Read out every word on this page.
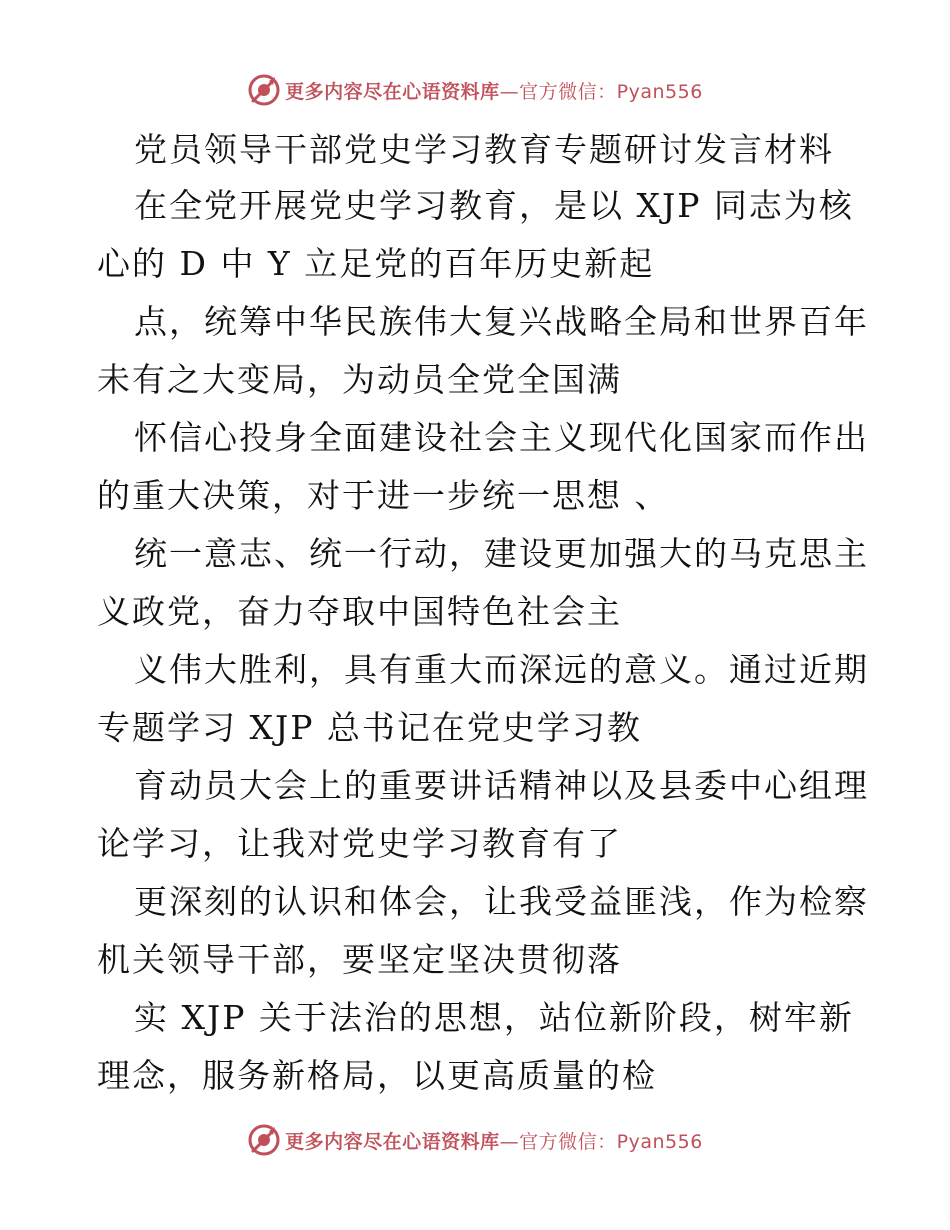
更多内容尽在心语资料库—官方微信：Pyan556
党员领导干部党史学习教育专题研讨发言材料
在全党开展党史学习教育，是以 XJP 同志为核
心的 D 中 Y 立足党的百年历史新起
点，统筹中华民族伟大复兴战略全局和世界百年
未有之大变局，为动员全党全国满
怀信心投身全面建设社会主义现代化国家而作出
的重大决策，对于进一步统一思想 、
统一意志、统一行动，建设更加强大的马克思主
义政党，奋力夺取中国特色社会主
义伟大胜利，具有重大而深远的意义。通过近期
专题学习 XJP 总书记在党史学习教
育动员大会上的重要讲话精神以及县委中心组理
论学习，让我对党史学习教育有了
更深刻的认识和体会，让我受益匪浅，作为检察
机关领导干部，要坚定坚决贯彻落
实 XJP 关于法治的思想，站位新阶段，树牢新
理念，服务新格局，以更高质量的检
更多内容尽在心语资料库—官方微信：Pyan556
